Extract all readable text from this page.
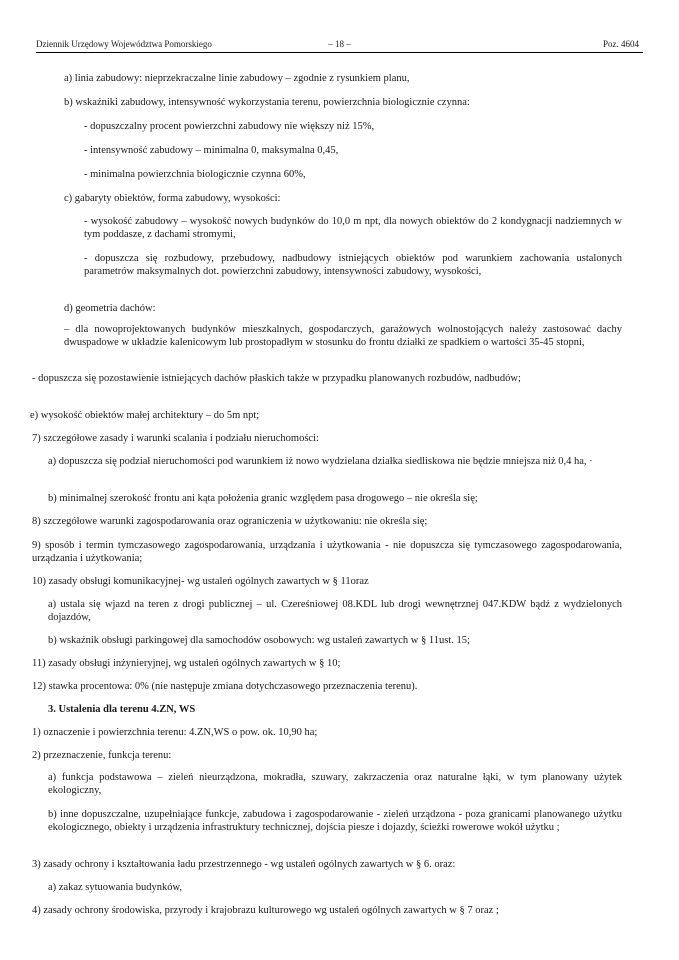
Dziennik Urzędowy Województwa Pomorskiego	– 18 –	Poz. 4604

a) linia zabudowy: nieprzekraczalne linie zabudowy – zgodnie z rysunkiem planu,

b) wskaźniki zabudowy, intensywność wykorzystania terenu, powierzchnia biologicznie czynna:

- dopuszczalny procent powierzchni zabudowy nie większy niż 15%,

- intensywność zabudowy – minimalna 0, maksymalna 0,45,

- minimalna powierzchnia biologicznie czynna 60%,

c) gabaryty obiektów, forma zabudowy, wysokości:

- wysokość zabudowy – wysokość nowych budynków do 10,0 m npt, dla nowych obiektów do 2 kondygnacji nadziemnych w tym poddasze, z dachami stromymi,

- dopuszcza się rozbudowy, przebudowy, nadbudowy istniejących obiektów pod warunkiem zachowania ustalonych parametrów maksymalnych dot. powierzchni zabudowy, intensywności zabudowy, wysokości,

d) geometria dachów:

– dla nowoprojektowanych budynków mieszkalnych, gospodarczych, garażowych wolnostojących należy zastosować dachy dwuspadowe w układzie kalenicowym lub prostopadłym w stosunku do frontu działki ze spadkiem o wartości 35-45 stopni,

- dopuszcza się pozostawienie istniejących dachów płaskich także w przypadku planowanych rozbudów, nadbudów;

e) wysokość obiektów małej architektury – do 5m npt;

7) szczegółowe zasady i warunki scalania i podziału nieruchomości:

a) dopuszcza się podział nieruchomości pod warunkiem iż nowo wydzielana działka siedliskowa nie będzie mniejsza niż 0,4 ha, ·

b) minimalnej szerokość frontu ani kąta położenia granic względem pasa drogowego – nie określa się;

8) szczegółowe warunki zagospodarowania oraz ograniczenia w użytkowaniu: nie określa się;

9) sposób i termin tymczasowego zagospodarowania, urządzania i użytkowania - nie dopuszcza się tymczasowego zagospodarowania, urządzania i użytkowania;

10) zasady obsługi komunikacyjnej- wg ustaleń ogólnych zawartych w § 11oraz

a) ustala się wjazd na teren z drogi publicznej – ul. Czereśniowej 08.KDL lub drogi wewnętrznej 047.KDW bądź z wydzielonych dojazdów,

b) wskaźnik obsługi parkingowej dla samochodów osobowych: wg ustaleń zawartych w § 11ust. 15;

11) zasady obsługi inżynieryjnej, wg ustaleń ogólnych zawartych w § 10;

12) stawka procentowa: 0% (nie następuje zmiana dotychczasowego przeznaczenia terenu).

3. Ustalenia dla terenu 4.ZN, WS

1) oznaczenie i powierzchnia terenu: 4.ZN,WS o pow. ok. 10,90 ha;

2) przeznaczenie, funkcja terenu:

a) funkcja podstawowa – zieleń nieurządzona, mokradła, szuwary, zakrzaczenia oraz naturalne łąki, w tym planowany użytek ekologiczny,

b) inne dopuszczalne, uzupełniające funkcje, zabudowa i zagospodarowanie - zieleń urządzona - poza granicami planowanego użytku ekologicznego, obiekty i urządzenia infrastruktury technicznej, dojścia piesze i dojazdy, ścieżki rowerowe wokół użytku ;

3) zasady ochrony i kształtowania ładu przestrzennego - wg ustaleń ogólnych zawartych w § 6. oraz:

a) zakaz sytuowania budynków,

4) zasady ochrony środowiska, przyrody i krajobrazu kulturowego wg ustaleń ogólnych zawartych w § 7 oraz ;
